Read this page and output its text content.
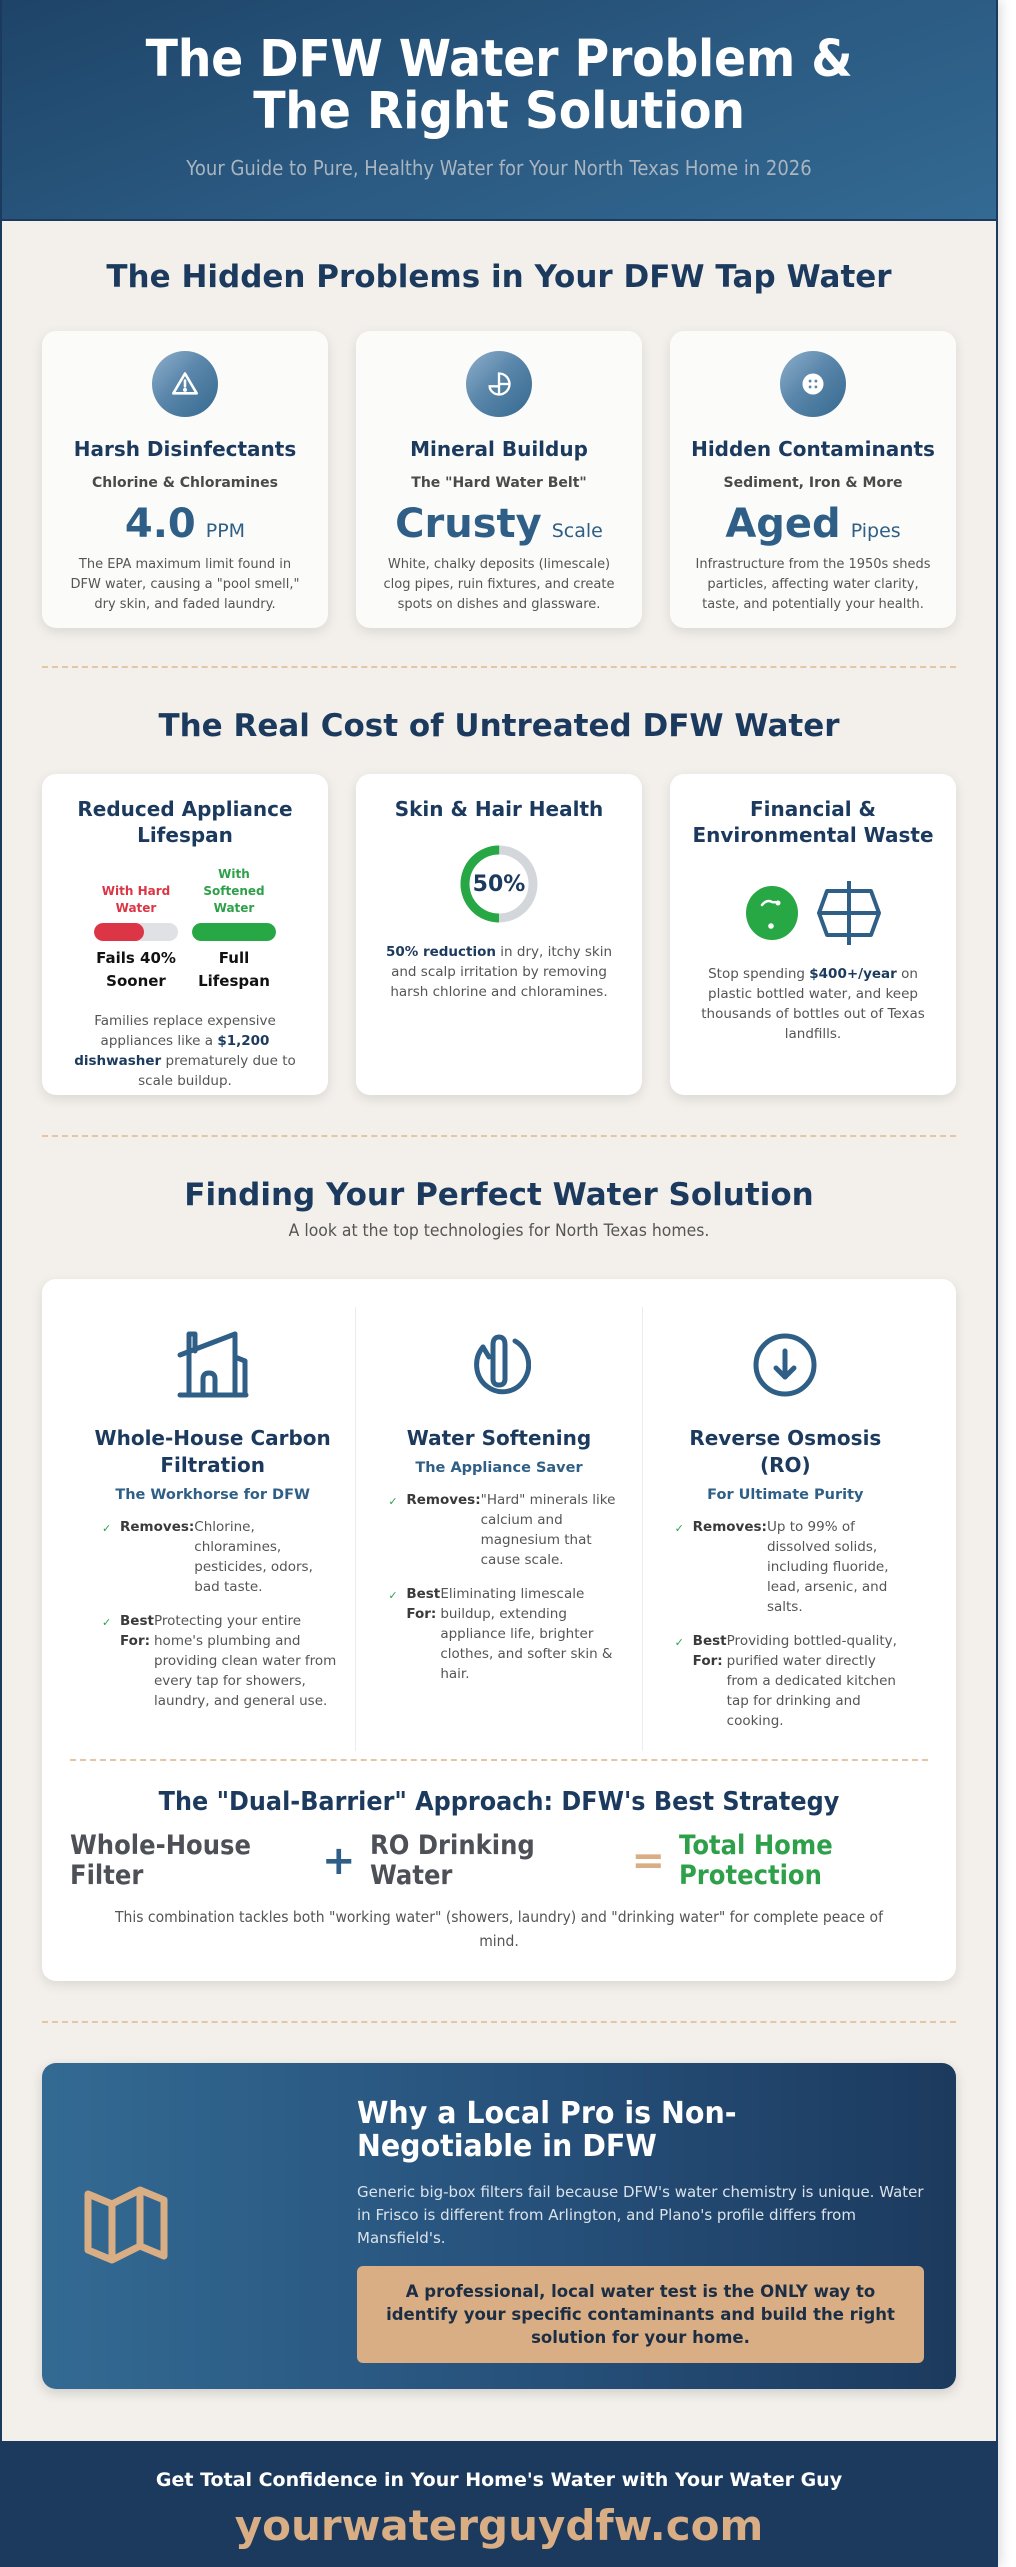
The DFW Water Problem & The Right Solution
Your Guide to Pure, Healthy Water for Your North Texas Home in 2026
The Hidden Problems in Your DFW Tap Water
Harsh Disinfectants
Chlorine & Chloramines
4.0 PPM

The EPA maximum limit found in DFW water, causing a "pool smell," dry skin, and faded laundry.

Mineral Buildup
The "Hard Water Belt"
Crusty Scale

White, chalky deposits (limescale) clog pipes, ruin fixtures, and create spots on dishes and glassware.

Hidden Contaminants
Sediment, Iron & More
Aged Pipes

Infrastructure from the 1950s sheds particles, affecting water clarity, taste, and potentially your health.

The Real Cost of Untreated DFW Water
Reduced Appliance Lifespan
With Hard Water
Fails 40% Sooner
With Softened Water
Full Lifespan

Families replace expensive appliances like a $1,200 dishwasher prematurely due to scale buildup.

Skin & Hair Health
50%

50% reduction in dry, itchy skin and scalp irritation by removing harsh chlorine and chloramines.

Financial & Environmental Waste

Stop spending $400+/year on plastic bottled water, and keep thousands of bottles out of Texas landfills.

Finding Your Perfect Water Solution

A look at the top technologies for North Texas homes.

Whole-House Carbon Filtration
The Workhorse for DFW
✓ Removes: Chlorine, chloramines, pesticides, odors, bad taste.
✓ Best For:
Protecting your entire home's plumbing and providing clean water from every tap for showers, laundry, and general use.
Water Softening
The Appliance Saver
✓ Removes: "Hard" minerals like calcium and magnesium that cause scale.
✓ Best For:
Eliminating limescale buildup, extending appliance life, brighter clothes, and softer skin & hair.
Reverse Osmosis (RO)
For Ultimate Purity
✓ Removes: Up to 99% of dissolved solids, including fluoride, lead, arsenic, and salts.
✓ Best For:
Providing bottled-quality, purified water directly from a dedicated kitchen tap for drinking and cooking.
The "Dual-Barrier" Approach: DFW's Best Strategy
Whole-House Filter	+ RO Drinking Water	= Total Home Protection

This combination tackles both "working water" (showers, laundry) and "drinking water" for complete peace of mind.

Why a Local Pro is Non-Negotiable in DFW

Generic big-box filters fail because DFW's water chemistry is unique. Water in Frisco is different from Arlington, and Plano's profile differs from Mansfield's.

A professional, local water test is the ONLY way to identify your specific contaminants and build the right solution for your home.
Get Total Confidence in Your Home's Water with Your Water Guy
yourwaterguydfw.com
